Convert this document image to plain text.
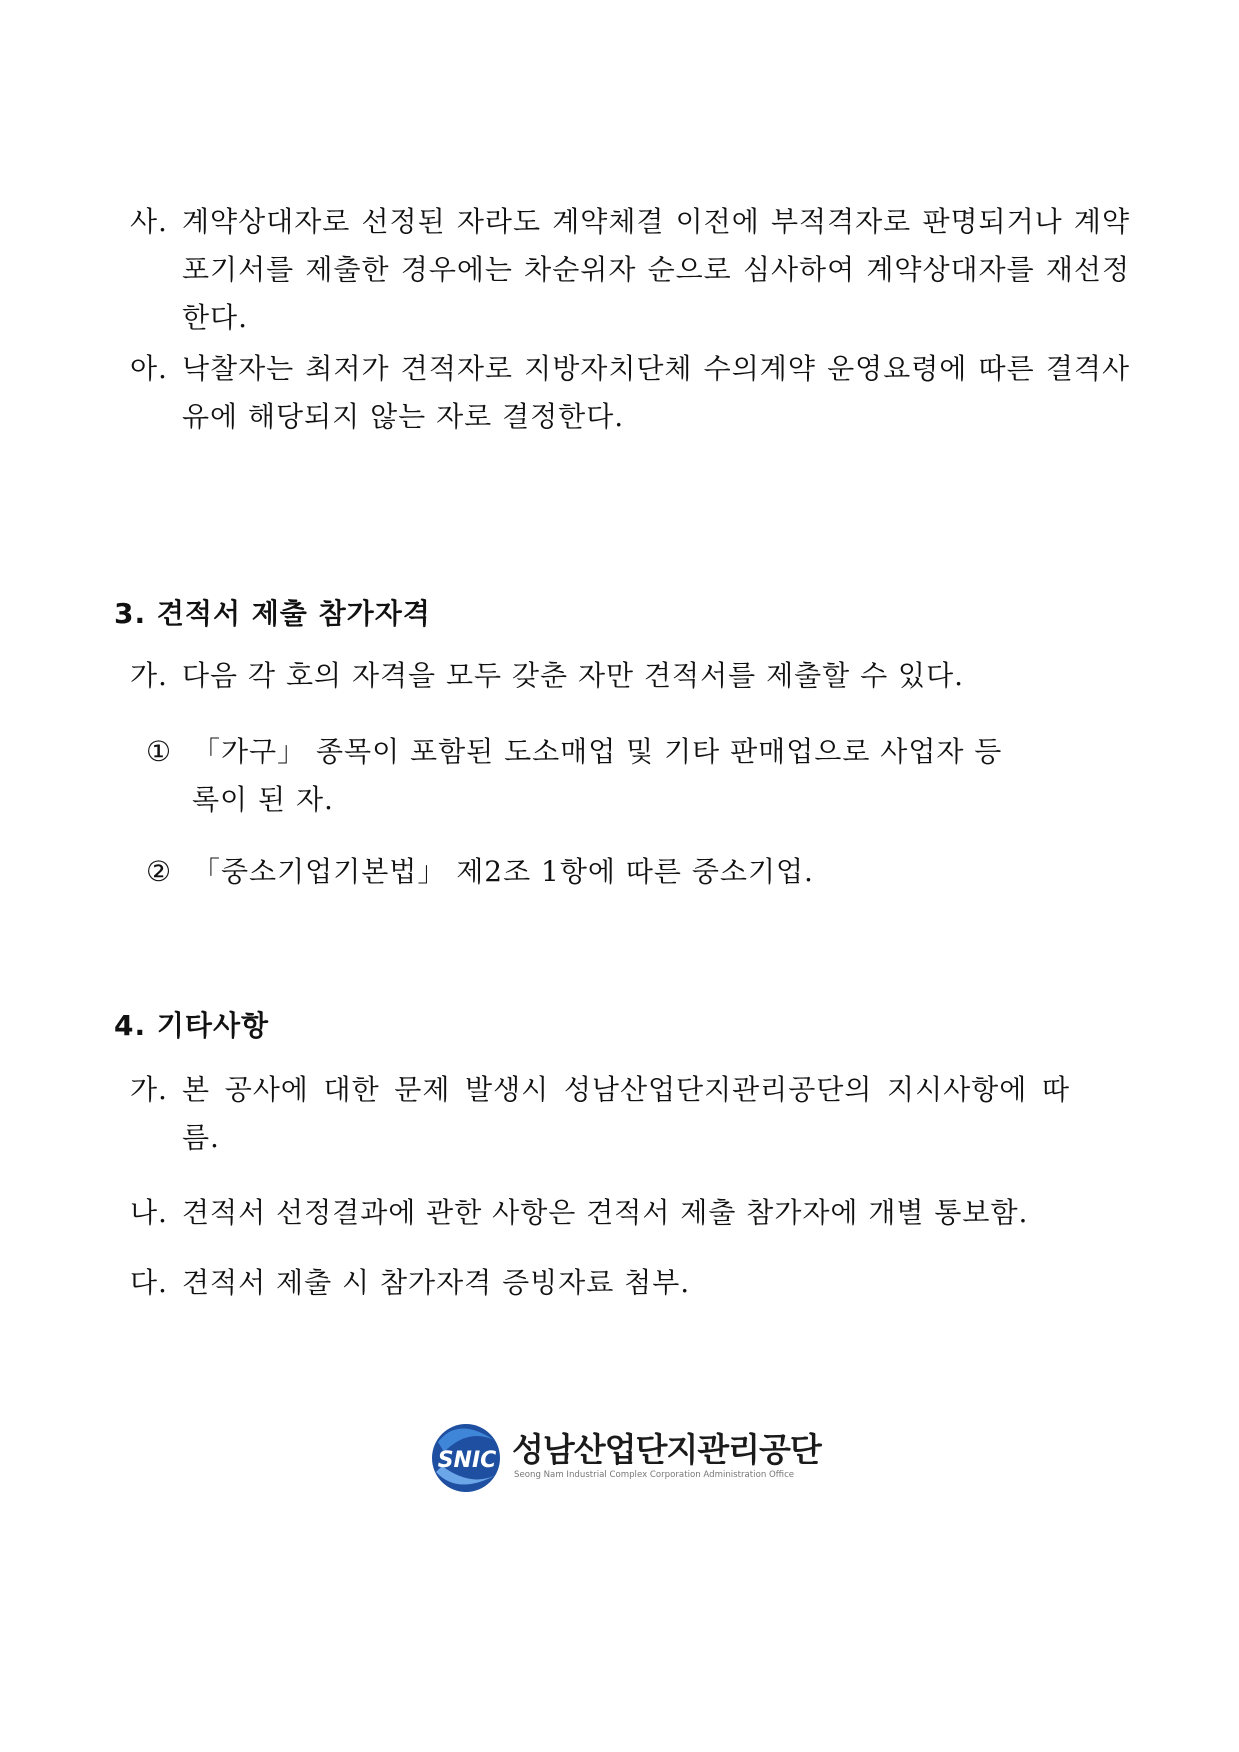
사. 계약상대자로 선정된 자라도 계약체결 이전에 부적격자로 판명되거나 계약포기서를 제출한 경우에는 차순위자 순으로 심사하여 계약상대자를 재선정 한다.
아. 낙찰자는 최저가 견적자로 지방자치단체 수의계약 운영요령에 따른 결격사유에 해당되지 않는 자로 결정한다.
3. 견적서 제출 참가자격
가. 다음 각 호의 자격을 모두 갖춘 자만 견적서를 제출할 수 있다.
① 「가구」 종목이 포함된 도소매업 및 기타 판매업으로 사업자 등록이 된 자.
② 「중소기업기본법」 제2조 1항에 따른 중소기업.
4. 기타사항
가. 본 공사에 대한 문제 발생시 성남산업단지관리공단의 지시사항에 따름.
나. 견적서 선정결과에 관한 사항은 견적서 제출 참가자에 개별 통보함.
다. 견적서 제출 시 참가자격 증빙자료 첨부.
SNIC 성남산업단지관리공단
Seong Nam Industrial Complex Corporation Administration Office
